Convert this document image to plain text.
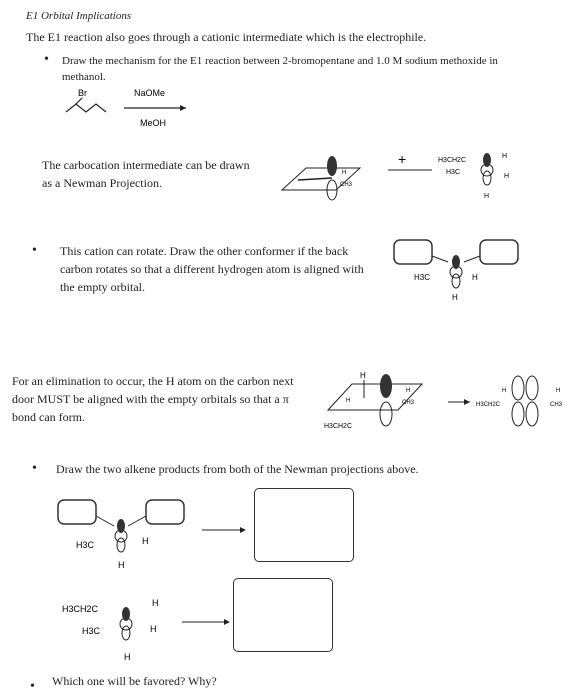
E1 Orbital Implications
The E1 reaction also goes through a cationic intermediate which is the electrophile.
• Draw the mechanism for the E1 reaction between 2-bromopentane and 1.0 M sodium methoxide in methanol.
Br	NaOMe
MeOH
The carbocation intermediate can be drawn as a Newman Projection.
H
CH3
+	H3CH2C
H3C
H
H
H
• This cation can rotate. Draw the other conformer if the back carbon rotates so that a different hydrogen atom is aligned with the empty orbital.
H3C	H
H
For an elimination to occur, the H atom on the carbon next door MUST be aligned with the empty orbitals so that a π bond can form.
H
H
H
CH3
H3CH2C
H	H
H3CH2C	CH3
• Draw the two alkene products from both of the Newman projections above.
H3C	H
H
H3CH2C
H3C
H
H
H
• Which one will be favored? Why?
